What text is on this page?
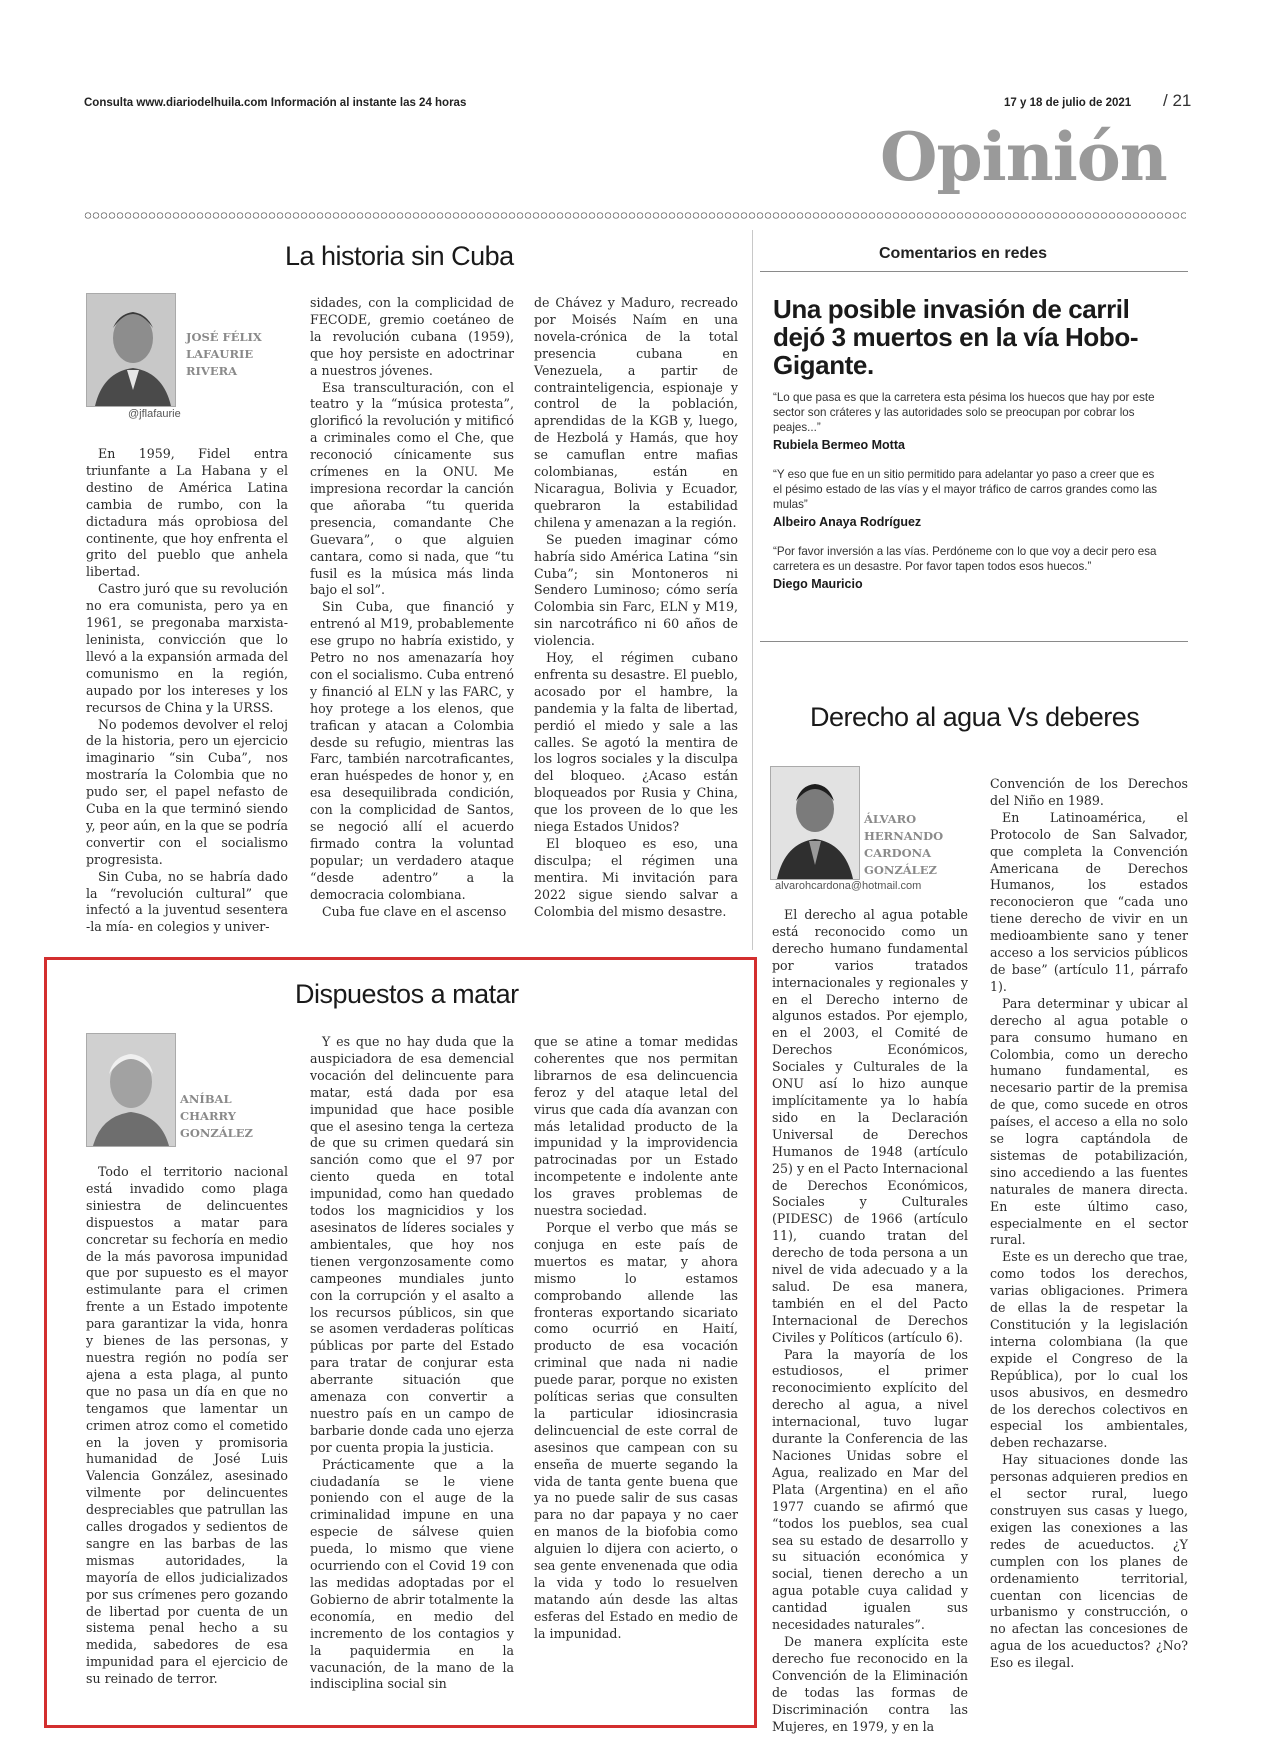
Consulta www.diariodelhuila.com Información al instante las 24 horas	17 y 18 de julio de 2021 / 21
Opinión
La historia sin Cuba
JOSÉ FÉLIX LAFAURIE RIVERA
@jflafaurie

En 1959, Fidel entra triunfante a La Habana y el destino de América Latina cambia de rumbo, con la dictadura más oprobiosa del continente, que hoy enfrenta el grito del pueblo que anhela libertad.

Castro juró que su revolución no era comunista, pero ya en 1961, se pregonaba marxista-leninista, convicción que lo llevó a la expansión armada del comunismo en la región, aupado por los intereses y los recursos de China y la URSS.

No podemos devolver el reloj de la historia, pero un ejercicio imaginario “sin Cuba”, nos mostraría la Colombia que no pudo ser, el papel nefasto de Cuba en la que terminó siendo y, peor aún, en la que se podría convertir con el socialismo progresista.

Sin Cuba, no se habría dado la “revolución cultural” que infectó a la juventud sesentera -la mía- en colegios y univer-

sidades, con la complicidad de FECODE, gremio coetáneo de la revolución cubana (1959), que hoy persiste en adoctrinar a nuestros jóvenes.

Esa transculturación, con el teatro y la “música protesta”, glorificó la revolución y mitificó a criminales como el Che, que reconoció cínicamente sus crímenes en la ONU. Me impresiona recordar la canción que añoraba “tu querida presencia, comandante Che Guevara”, o que alguien cantara, como si nada, que “tu fusil es la música más linda bajo el sol”.

Sin Cuba, que financió y entrenó al M19, probablemente ese grupo no habría existido, y Petro no nos amenazaría hoy con el socialismo. Cuba entrenó y financió al ELN y las FARC, y hoy protege a los elenos, que trafican y atacan a Colombia desde su refugio, mientras las Farc, también narcotraficantes, eran huéspedes de honor y, en esa desequilibrada condición, con la complicidad de Santos, se negoció allí el acuerdo firmado contra la voluntad popular; un verdadero ataque “desde adentro” a la democracia colombiana.

Cuba fue clave en el ascenso

de Chávez y Maduro, recreado por Moisés Naím en una novela-crónica de la total presencia cubana en Venezuela, a partir de contrainteligencia, espionaje y control de la población, aprendidas de la KGB y, luego, de Hezbolá y Hamás, que hoy se camuflan entre mafias colombianas, están en Nicaragua, Bolivia y Ecuador, quebraron la estabilidad chilena y amenazan a la región.

Se pueden imaginar cómo habría sido América Latina “sin Cuba”; sin Montoneros ni Sendero Luminoso; cómo sería Colombia sin Farc, ELN y M19, sin narcotráfico ni 60 años de violencia.

Hoy, el régimen cubano enfrenta su desastre. El pueblo, acosado por el hambre, la pandemia y la falta de libertad, perdió el miedo y sale a las calles. Se agotó la mentira de los logros sociales y la disculpa del bloqueo. ¿Acaso están bloqueados por Rusia y China, que los proveen de lo que les niega Estados Unidos?

El bloqueo es eso, una disculpa; el régimen una mentira. Mi invitación para 2022 sigue siendo salvar a Colombia del mismo desastre.

Comentarios en redes
Una posible invasión de carril dejó 3 muertos en la vía Hobo-Gigante.
“Lo que pasa es que la carretera esta pésima los huecos que hay por este sector son cráteres y las autoridades solo se preocupan por cobrar los peajes...”
Rubiela Bermeo Motta
“Y eso que fue en un sitio permitido para adelantar yo paso a creer que es el pésimo estado de las vías y el mayor tráfico de carros grandes como las mulas”
Albeiro Anaya Rodríguez
“Por favor inversión a las vías. Perdóneme con lo que voy a decir pero esa carretera es un desastre. Por favor tapen todos esos huecos.”
Diego Mauricio
Derecho al agua Vs deberes
ÁLVARO HERNANDO CARDONA GONZÁLEZ
alvarohcardona@hotmail.com

El derecho al agua potable está reconocido como un derecho humano fundamental por varios tratados internacionales y regionales y en el Derecho interno de algunos estados. Por ejemplo, en el 2003, el Comité de Derechos Económicos, Sociales y Culturales de la ONU así lo hizo aunque implícitamente ya lo había sido en la Declaración Universal de Derechos Humanos de 1948 (artículo 25) y en el Pacto Internacional de Derechos Económicos, Sociales y Culturales (PIDESC) de 1966 (artículo 11), cuando tratan del derecho de toda persona a un nivel de vida adecuado y a la salud. De esa manera, también en el del Pacto Internacional de Derechos Civiles y Políticos (artículo 6).

Para la mayoría de los estudiosos, el primer reconocimiento explícito del derecho al agua, a nivel internacional, tuvo lugar durante la Conferencia de las Naciones Unidas sobre el Agua, realizado en Mar del Plata (Argentina) en el año 1977 cuando se afirmó que “todos los pueblos, sea cual sea su estado de desarrollo y su situación económica y social, tienen derecho a un agua potable cuya calidad y cantidad igualen sus necesidades naturales”.

De manera explícita este derecho fue reconocido en la Convención de la Eliminación de todas las formas de Discriminación contra las Mujeres, en 1979, y en la

Convención de los Derechos del Niño en 1989.

En Latinoamérica, el Protocolo de San Salvador, que completa la Convención Americana de Derechos Humanos, los estados reconocieron que “cada uno tiene derecho de vivir en un medioambiente sano y tener acceso a los servicios públicos de base” (artículo 11, párrafo 1).

Para determinar y ubicar al derecho al agua potable o para consumo humano en Colombia, como un derecho humano fundamental, es necesario partir de la premisa de que, como sucede en otros países, el acceso a ella no solo se logra captándola de sistemas de potabilización, sino accediendo a las fuentes naturales de manera directa. En este último caso, especialmente en el sector rural.

Este es un derecho que trae, como todos los derechos, varias obligaciones. Primera de ellas la de respetar la Constitución y la legislación interna colombiana (la que expide el Congreso de la República), por lo cual los usos abusivos, en desmedro de los derechos colectivos en especial los ambientales, deben rechazarse.

Hay situaciones donde las personas adquieren predios en el sector rural, luego construyen sus casas y luego, exigen las conexiones a las redes de acueductos. ¿Y cumplen con los planes de ordenamiento territorial, cuentan con licencias de urbanismo y construcción, o no afectan las concesiones de agua de los acueductos? ¿No? Eso es ilegal.

Dispuestos a matar
ANÍBAL CHARRY GONZÁLEZ

Todo el territorio nacional está invadido como plaga siniestra de delincuentes dispuestos a matar para concretar su fechoría en medio de la más pavorosa impunidad que por supuesto es el mayor estimulante para el crimen frente a un Estado impotente para garantizar la vida, honra y bienes de las personas, y nuestra región no podía ser ajena a esta plaga, al punto que no pasa un día en que no tengamos que lamentar un crimen atroz como el cometido en la joven y promisoria humanidad de José Luis Valencia González, asesinado vilmente por delincuentes despreciables que patrullan las calles drogados y sedientos de sangre en las barbas de las mismas autoridades, la mayoría de ellos judicializados por sus crímenes pero gozando de libertad por cuenta de un sistema penal hecho a su medida, sabedores de esa impunidad para el ejercicio de su reinado de terror.

Y es que no hay duda que la auspiciadora de esa demencial vocación del delincuente para matar, está dada por esa impunidad que hace posible que el asesino tenga la certeza de que su crimen quedará sin sanción como que el 97 por ciento queda en total impunidad, como han quedado todos los magnicidios y los asesinatos de líderes sociales y ambientales, que hoy nos tienen vergonzosamente como campeones mundiales junto con la corrupción y el asalto a los recursos públicos, sin que se asomen verdaderas políticas públicas por parte del Estado para tratar de conjurar esta aberrante situación que amenaza con convertir a nuestro país en un campo de barbarie donde cada uno ejerza por cuenta propia la justicia.

Prácticamente que a la ciudadanía se le viene poniendo con el auge de la criminalidad impune en una especie de sálvese quien pueda, lo mismo que viene ocurriendo con el Covid 19 con las medidas adoptadas por el Gobierno de abrir totalmente la economía, en medio del incremento de los contagios y la paquidermia en la vacunación, de la mano de la indisciplina social sin

que se atine a tomar medidas coherentes que nos permitan librarnos de esa delincuencia feroz y del ataque letal del virus que cada día avanzan con más letalidad producto de la impunidad y la improvidencia patrocinadas por un Estado incompetente e indolente ante los graves problemas de nuestra sociedad.

Porque el verbo que más se conjuga en este país de muertos es matar, y ahora mismo lo estamos comprobando allende las fronteras exportando sicariato como ocurrió en Haití, producto de esa vocación criminal que nada ni nadie puede parar, porque no existen políticas serias que consulten la particular idiosincrasia delincuencial de este corral de asesinos que campean con su enseña de muerte segando la vida de tanta gente buena que ya no puede salir de sus casas para no dar papaya y no caer en manos de la biofobia como alguien lo dijera con acierto, o sea gente envenenada que odia la vida y todo lo resuelven matando aún desde las altas esferas del Estado en medio de la impunidad.
